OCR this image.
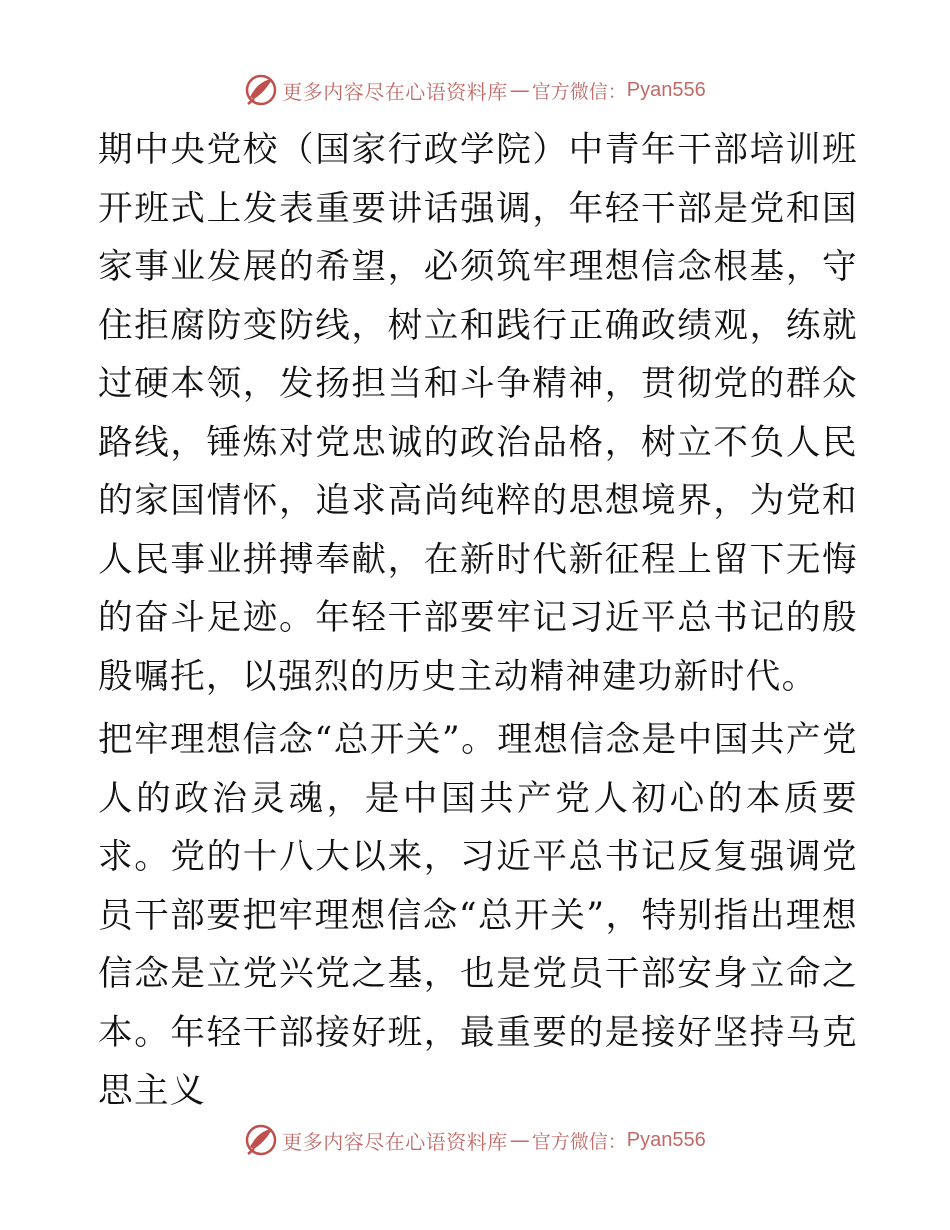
更多内容尽在心语资料库 — 官方微信： Pyan556

期中央党校（国家行政学院）中青年干部培训班开班式上发表重要讲话强调，年轻干部是党和国家事业发展的希望，必须筑牢理想信念根基，守住拒腐防变防线，树立和践行正确政绩观，练就过硬本领，发扬担当和斗争精神，贯彻党的群众路线，锤炼对党忠诚的政治品格，树立不负人民的家国情怀，追求高尚纯粹的思想境界，为党和人民事业拼搏奉献，在新时代新征程上留下无悔的奋斗足迹。年轻干部要牢记习近平总书记的殷殷嘱托，以强烈的历史主动精神建功新时代。

把牢理想信念“总开关”。理想信念是中国共产党人的政治灵魂，是中国共产党人初心的本质要求。党的十八大以来，习近平总书记反复强调党员干部要把牢理想信念“总开关”，特别指出理想信念是立党兴党之基，也是党员干部安身立命之本。年轻干部接好班，最重要的是接好坚持马克思主义

更多内容尽在心语资料库 — 官方微信： Pyan556
